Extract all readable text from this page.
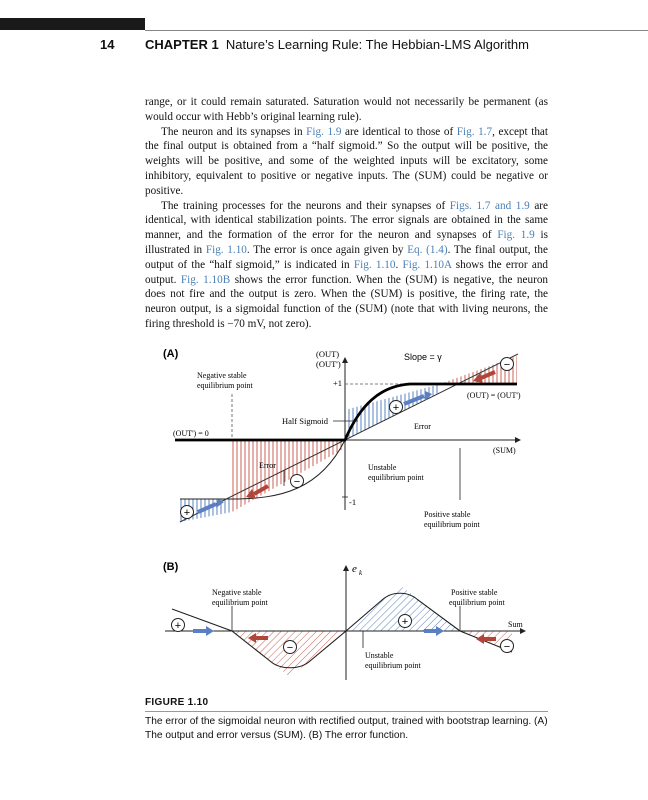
14 CHAPTER 1 Nature’s Learning Rule: The Hebbian-LMS Algorithm

range, or it could remain saturated. Saturation would not necessarily be permanent (as would occur with Hebb’s original learning rule).

The neuron and its synapses in Fig. 1.9 are identical to those of Fig. 1.7, except that the final output is obtained from a “half sigmoid.” So the output will be positive, the weights will be positive, and some of the weighted inputs will be excitatory, some inhibitory, equivalent to positive or negative inputs. The (SUM) could be negative or positive.

The training processes for the neurons and their synapses of Figs. 1.7 and 1.9 are identical, with identical stabilization points. The error signals are obtained in the same manner, and the formation of the error for the neuron and synapses of Fig. 1.9 is illustrated in Fig. 1.10. The error is once again given by Eq. (1.4). The final output, the output of the “half sigmoid,” is indicated in Fig. 1.10. Fig. 1.10A shows the error and output. Fig. 1.10B shows the error function. When the (SUM) is negative, the neuron does not fire and the output is zero. When the (SUM) is positive, the firing rate, the neuron output, is a sigmoidal function of the (SUM) (note that with living neurons, the firing threshold is −70 mV, not zero).

+
−
+
−
(A)	(OUT)
(OUT')
Slope = γ
Negative stable
equilibrium point	+1
(OUT) = (OUT')
Half Sigmoid
Error
(OUT') = 0
(SUM)
Error	Unstable
equilibrium point
-1
Positive stable
equilibrium point
+
−
+
−
(B)	e k
Negative stable
equilibrium point
Positive stable
equilibrium point
Sum
Unstable
equilibrium point
FIGURE 1.10
The error of the sigmoidal neuron with rectified output, trained with bootstrap learning. (A) The output and error versus (SUM). (B) The error function.
